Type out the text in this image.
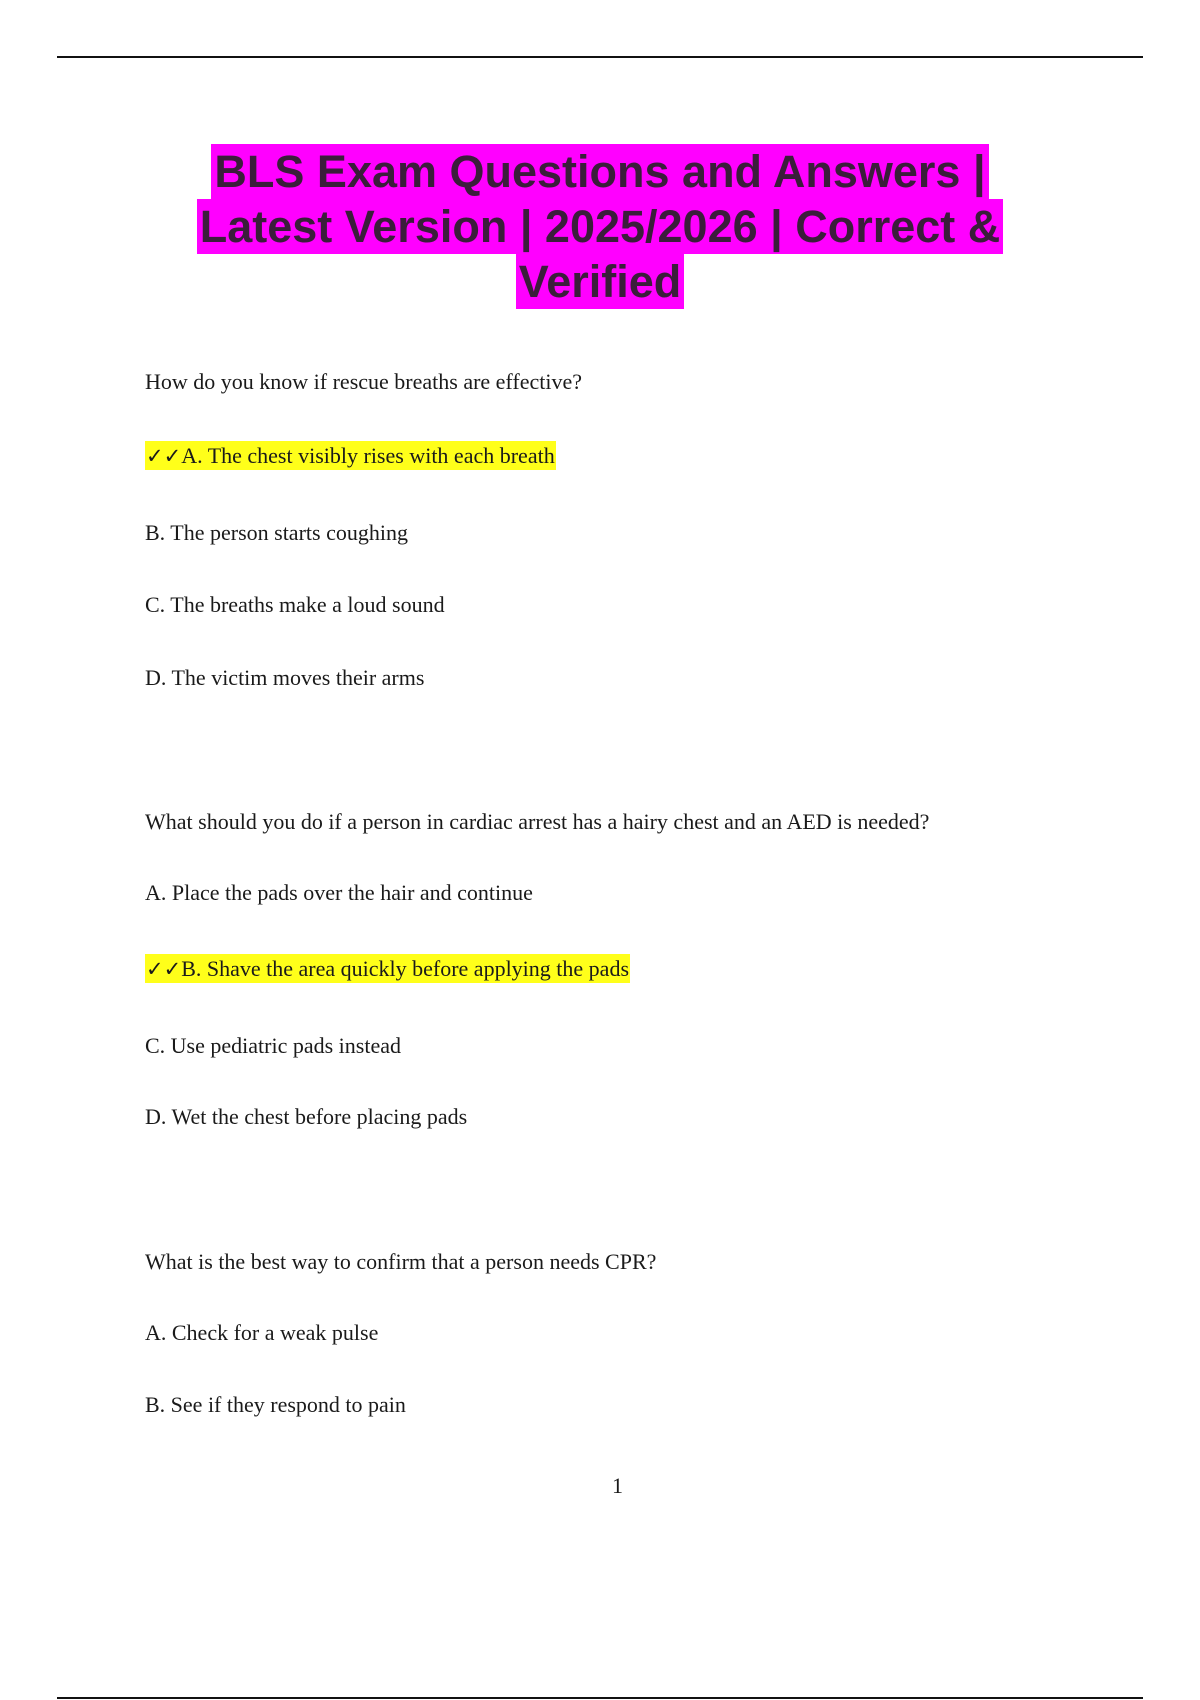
BLS Exam Questions and Answers |
Latest Version | 2025/2026 | Correct &
Verified
How do you know if rescue breaths are effective?
✓✓A. The chest visibly rises with each breath
B. The person starts coughing
C. The breaths make a loud sound
D. The victim moves their arms
What should you do if a person in cardiac arrest has a hairy chest and an AED is needed?
A. Place the pads over the hair and continue
✓✓B. Shave the area quickly before applying the pads
C. Use pediatric pads instead
D. Wet the chest before placing pads
What is the best way to confirm that a person needs CPR?
A. Check for a weak pulse
B. See if they respond to pain
1
